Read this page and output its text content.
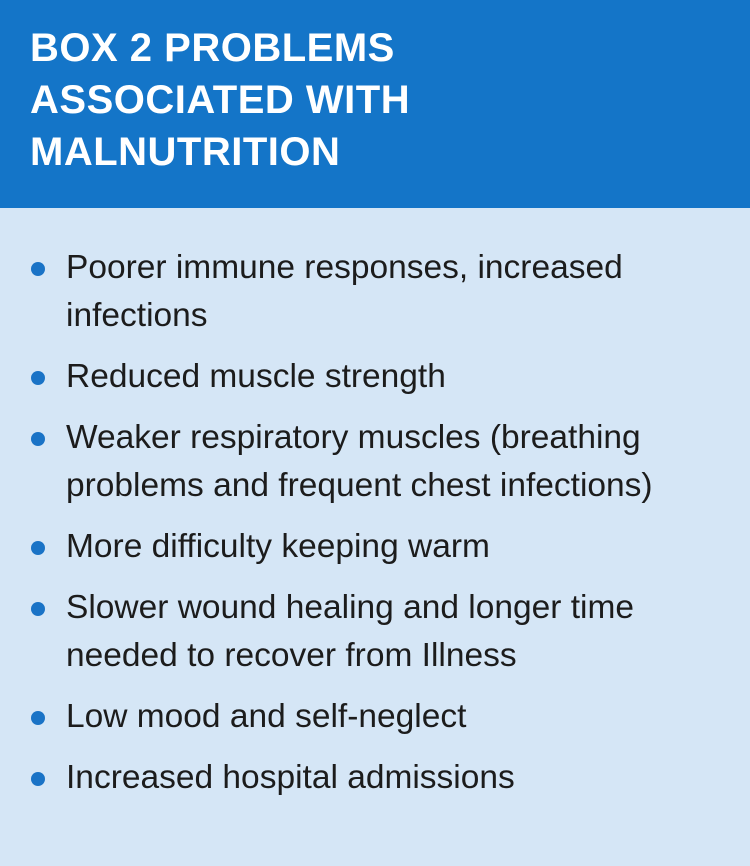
BOX 2 PROBLEMS ASSOCIATED WITH MALNUTRITION
Poorer immune responses, increased infections
Reduced muscle strength
Weaker respiratory muscles (breathing problems and frequent chest infections)
More difficulty keeping warm
Slower wound healing and longer time needed to recover from Illness
Low mood and self-neglect
Increased hospital admissions
